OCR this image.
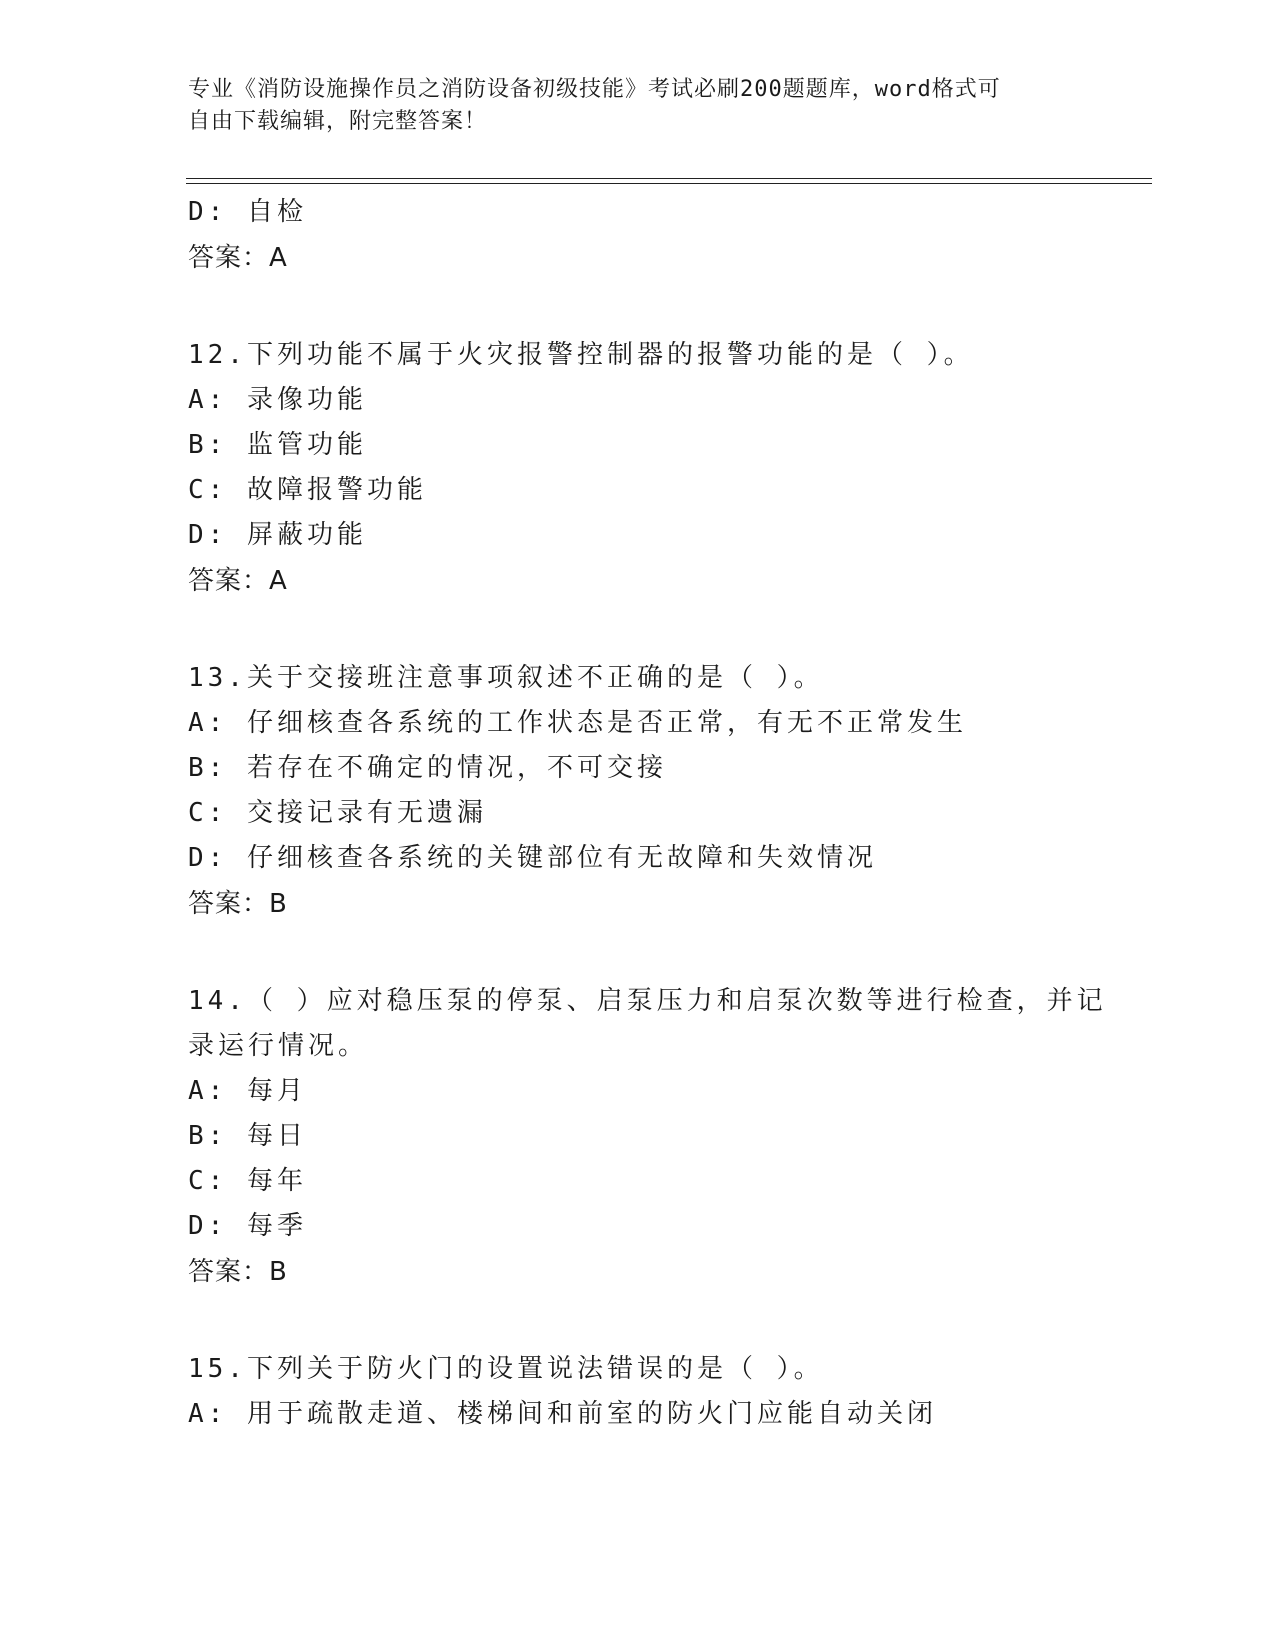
专业《消防设施操作员之消防设备初级技能》考试必刷200题题库，word格式可
自由下载编辑，附完整答案！
D: 自检
答案：A
12.下列功能不属于火灾报警控制器的报警功能的是（ ）。
A: 录像功能
B: 监管功能
C: 故障报警功能
D: 屏蔽功能
答案：A
13.关于交接班注意事项叙述不正确的是（ ）。
A: 仔细核查各系统的工作状态是否正常，有无不正常发生
B: 若存在不确定的情况，不可交接
C: 交接记录有无遗漏
D: 仔细核查各系统的关键部位有无故障和失效情况
答案：B
14.（ ）应对稳压泵的停泵、启泵压力和启泵次数等进行检查，并记
录运行情况。
A: 每月
B: 每日
C: 每年
D: 每季
答案：B
15.下列关于防火门的设置说法错误的是（ ）。
A: 用于疏散走道、楼梯间和前室的防火门应能自动关闭
